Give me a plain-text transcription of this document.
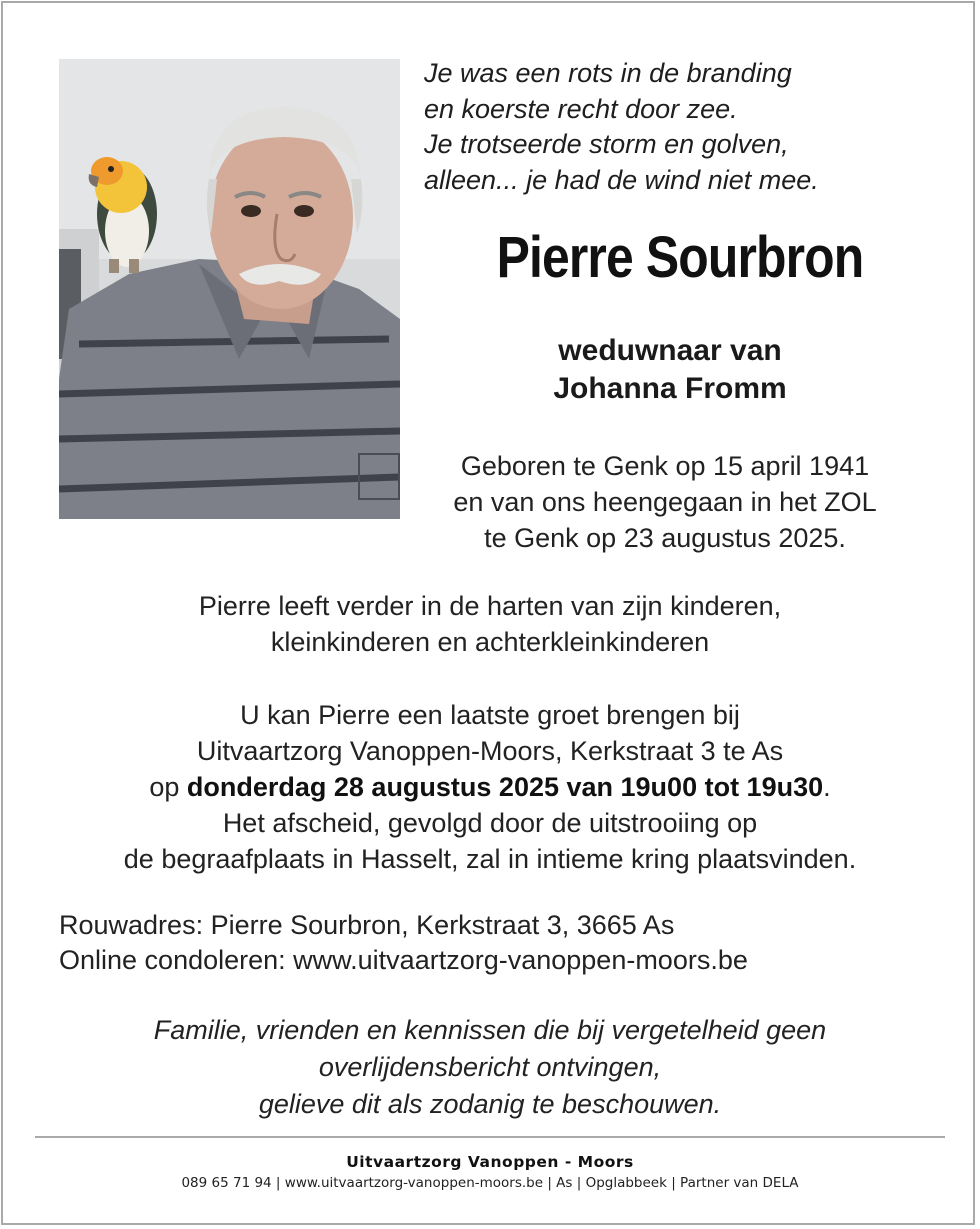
Je was een rots in de branding
en koerste recht door zee.
Je trotseerde storm en golven,
alleen... je had de wind niet mee.
Pierre Sourbron
weduwnaar van
Johanna Fromm
Geboren te Genk op 15 april 1941
en van ons heengegaan in het ZOL
te Genk op 23 augustus 2025.
Pierre leeft verder in de harten van zijn kinderen,
kleinkinderen en achterkleinkinderen
U kan Pierre een laatste groet brengen bij
Uitvaartzorg Vanoppen-Moors, Kerkstraat 3 te As
op donderdag 28 augustus 2025 van 19u00 tot 19u30.
Het afscheid, gevolgd door de uitstrooiing op
de begraafplaats in Hasselt, zal in intieme kring plaatsvinden.
Rouwadres: Pierre Sourbron, Kerkstraat 3, 3665 As
Online condoleren: www.uitvaartzorg-vanoppen-moors.be
Familie, vrienden en kennissen die bij vergetelheid geen
overlijdensbericht ontvingen,
gelieve dit als zodanig te beschouwen.
Uitvaartzorg Vanoppen - Moors
089 65 71 94 | www.uitvaartzorg-vanoppen-moors.be | As | Opglabbeek | Partner van DELA
